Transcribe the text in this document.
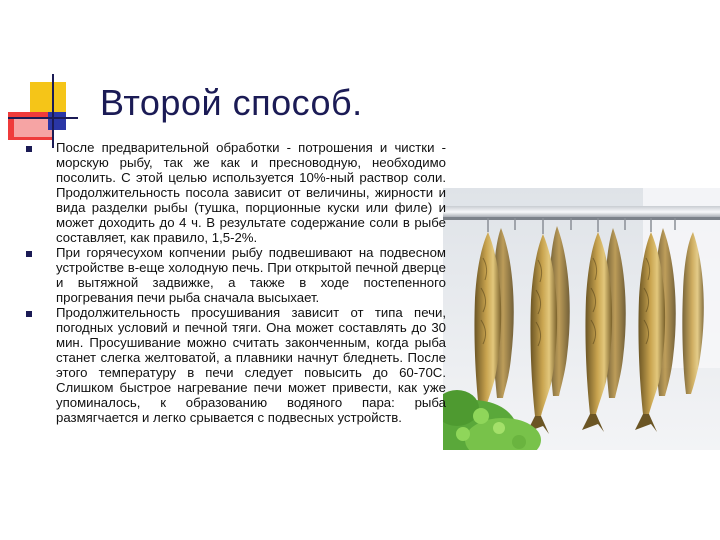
Второй способ.

После предварительной обработки - потрошения и чистки - морскую рыбу, так же как и пресноводную, необходимо посолить. С этой целью используется 10%-ный раствор соли. Продолжительность посола зависит от величины, жирности и вида разделки рыбы (тушка, порционные куски или филе) и может доходить до 4 ч. В результате содержание соли в рыбе составляет, как правило, 1,5-2%.

При горячесухом копчении рыбу подвешивают на подвесном устройстве в-еще холодную печь. При открытой печной дверце и вытяжной задвижке, а также в ходе постепенного прогревания печи рыба сначала высыхает.

Продолжительность просушивания зависит от типа печи, погодных условий и печной тяги. Она может составлять до 30 мин. Просушивание можно считать законченным, когда рыба станет слегка желтоватой, а плавники начнут бледнеть. После этого температуру в печи следует повысить до 60-70С. Слишком быстрое нагревание печи может привести, как уже упоминалось, к образованию водяного пара: рыба размягчается и легко срывается с подвесных устройств.
